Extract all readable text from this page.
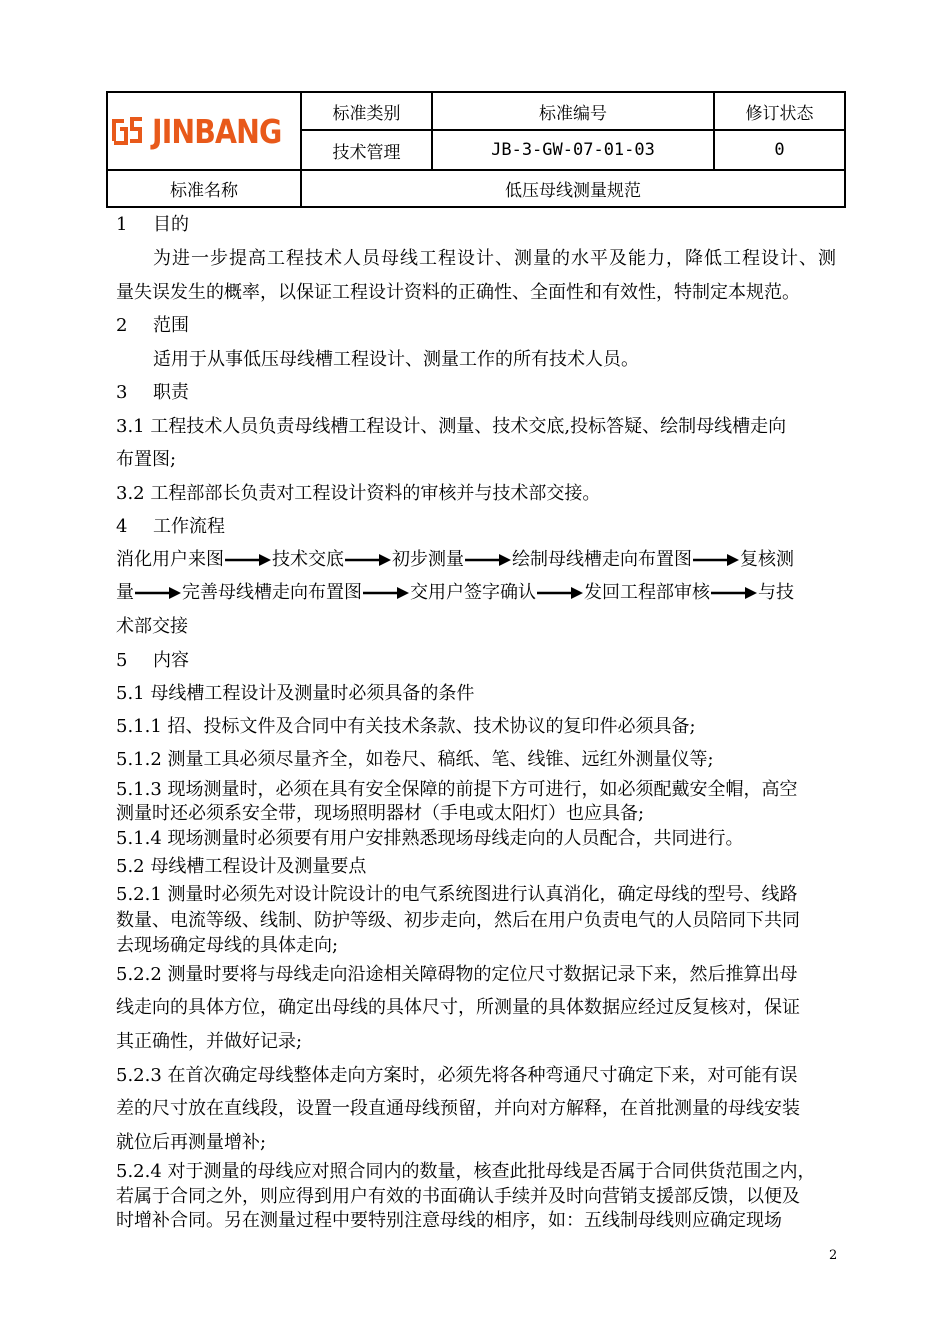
JINBANG	标准类别	标准编号	修订状态
技术管理	JB-3-GW-07-01-03	0
标准名称	低压母线测量规范
1 目的
为进一步提高工程技术人员母线工程设计、测量的水平及能力，降低工程设计、测
量失误发生的概率，以保证工程设计资料的正确性、全面性和有效性，特制定本规范。
2 范围
适用于从事低压母线槽工程设计、测量工作的所有技术人员。
3 职责
3.1 工程技术人员负责母线槽工程设计、测量、技术交底,投标答疑、绘制母线槽走向
布置图;
3.2 工程部部长负责对工程设计资料的审核并与技术部交接。
4 工作流程
消化用户来图	技术交底	初步测量	绘制母线槽走向布置图	复核测
量	完善母线槽走向布置图	交用户签字确认	发回工程部审核	与技
术部交接
5 内容
5.1 母线槽工程设计及测量时必须具备的条件
5.1.1 招、投标文件及合同中有关技术条款、技术协议的复印件必须具备;
5.1.2 测量工具必须尽量齐全，如卷尺、稿纸、笔、线锥、远红外测量仪等;
5.1.3 现场测量时，必须在具有安全保障的前提下方可进行，如必须配戴安全帽，高空
测量时还必须系安全带，现场照明器材（手电或太阳灯）也应具备;
5.1.4 现场测量时必须要有用户安排熟悉现场母线走向的人员配合，共同进行。
5.2 母线槽工程设计及测量要点
5.2.1 测量时必须先对设计院设计的电气系统图进行认真消化，确定母线的型号、线路
数量、电流等级、线制、防护等级、初步走向，然后在用户负责电气的人员陪同下共同
去现场确定母线的具体走向;
5.2.2 测量时要将与母线走向沿途相关障碍物的定位尺寸数据记录下来，然后推算出母
线走向的具体方位，确定出母线的具体尺寸，所测量的具体数据应经过反复核对，保证
其正确性，并做好记录;
5.2.3 在首次确定母线整体走向方案时，必须先将各种弯通尺寸确定下来，对可能有误
差的尺寸放在直线段，设置一段直通母线预留，并向对方解释，在首批测量的母线安装
就位后再测量增补;
5.2.4 对于测量的母线应对照合同内的数量，核查此批母线是否属于合同供货范围之内，
若属于合同之外，则应得到用户有效的书面确认手续并及时向营销支援部反馈，以便及
时增补合同。另在测量过程中要特别注意母线的相序，如：五线制母线则应确定现场
2
